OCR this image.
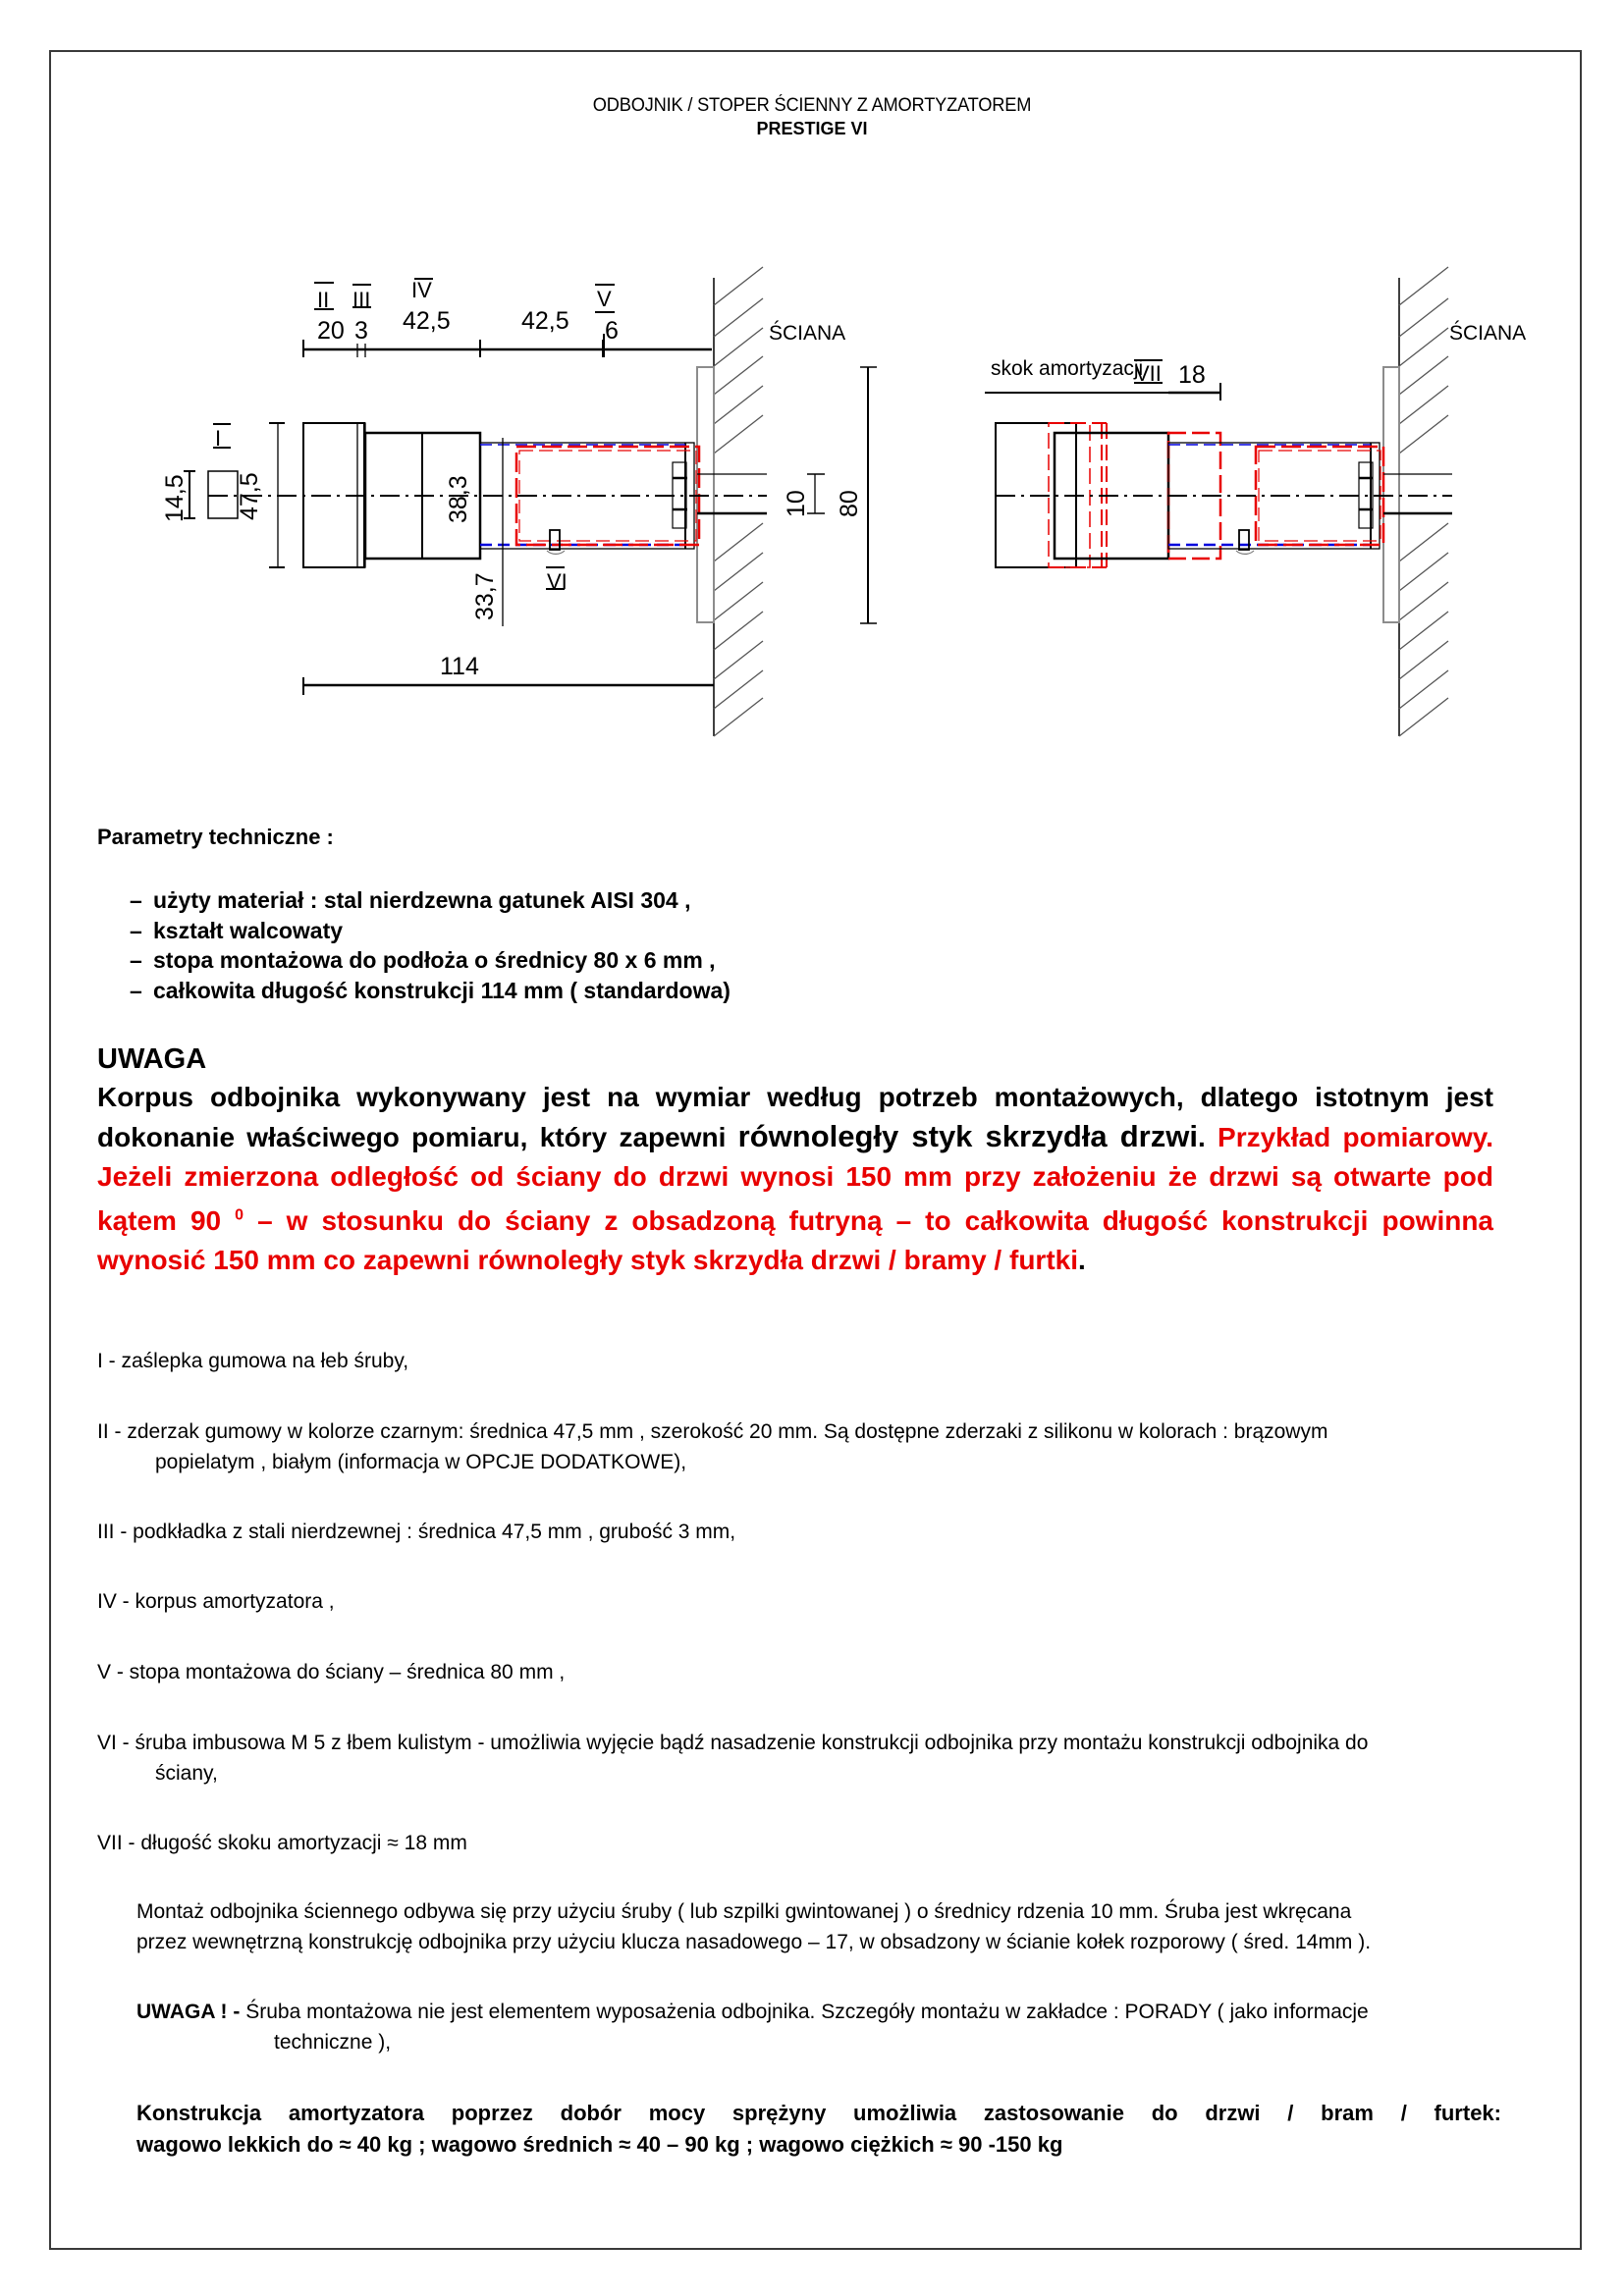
ODBOJNIK / STOPER ŚCIENNY Z AMORTYZATOREM
PRESTIGE VI
20 3 42,5	42,5 6
II III IV	V
I
VI
14,5 47,5	38,3
33,7
114
10 80
ŚCIANA
skok amortyzacji
VII 18
ŚCIANA
Parametry techniczne :
– użyty materiał : stal nierdzewna gatunek AISI 304 ,
– kształt walcowaty
– stopa montażowa do podłoża o średnicy 80 x 6 mm ,
– całkowita długość konstrukcji 114 mm ( standardowa)
UWAGA
Korpus odbojnika wykonywany jest na wymiar według potrzeb montażowych, dlatego istotnym jest dokonanie właściwego pomiaru, który zapewni równoległy styk skrzydła drzwi. Przykład pomiarowy. Jeżeli zmierzona odległość od ściany do drzwi wynosi 150 mm przy założeniu że drzwi są otwarte pod kątem 90 $^0$ – w stosunku do ściany z obsadzoną futryną – to całkowita długość konstrukcji powinna wynosić 150 mm co zapewni równoległy styk skrzydła drzwi / bramy / furtki.
I - zaślepka gumowa na łeb śruby,
II - zderzak gumowy w kolorze czarnym: średnica 47,5 mm , szerokość 20 mm. Są dostępne zderzaki z silikonu w kolorach : brązowym
popielatym , białym (informacja w OPCJE DODATKOWE),
III - podkładka z stali nierdzewnej : średnica 47,5 mm , grubość 3 mm,
IV - korpus amortyzatora ,
V - stopa montażowa do ściany – średnica 80 mm ,
VI - śruba imbusowa M 5 z łbem kulistym - umożliwia wyjęcie bądź nasadzenie konstrukcji odbojnika przy montażu konstrukcji odbojnika do
ściany,
VII - długość skoku amortyzacji ≈ 18 mm
Montaż odbojnika ściennego odbywa się przy użyciu śruby ( lub szpilki gwintowanej ) o średnicy rdzenia 10 mm. Śruba jest wkręcana
przez wewnętrzną konstrukcję odbojnika przy użyciu klucza nasadowego – 17, w obsadzony w ścianie kołek rozporowy ( śred. 14mm ).
UWAGA ! - Śruba montażowa nie jest elementem wyposażenia odbojnika. Szczegóły montażu w zakładce : PORADY ( jako informacje
techniczne ),
Konstrukcja amortyzatora poprzez dobór mocy sprężyny umożliwia zastosowanie do drzwi / bram / furtek:
wagowo lekkich do ≈ 40 kg ; wagowo średnich ≈ 40 – 90 kg ; wagowo ciężkich ≈ 90 -150 kg
